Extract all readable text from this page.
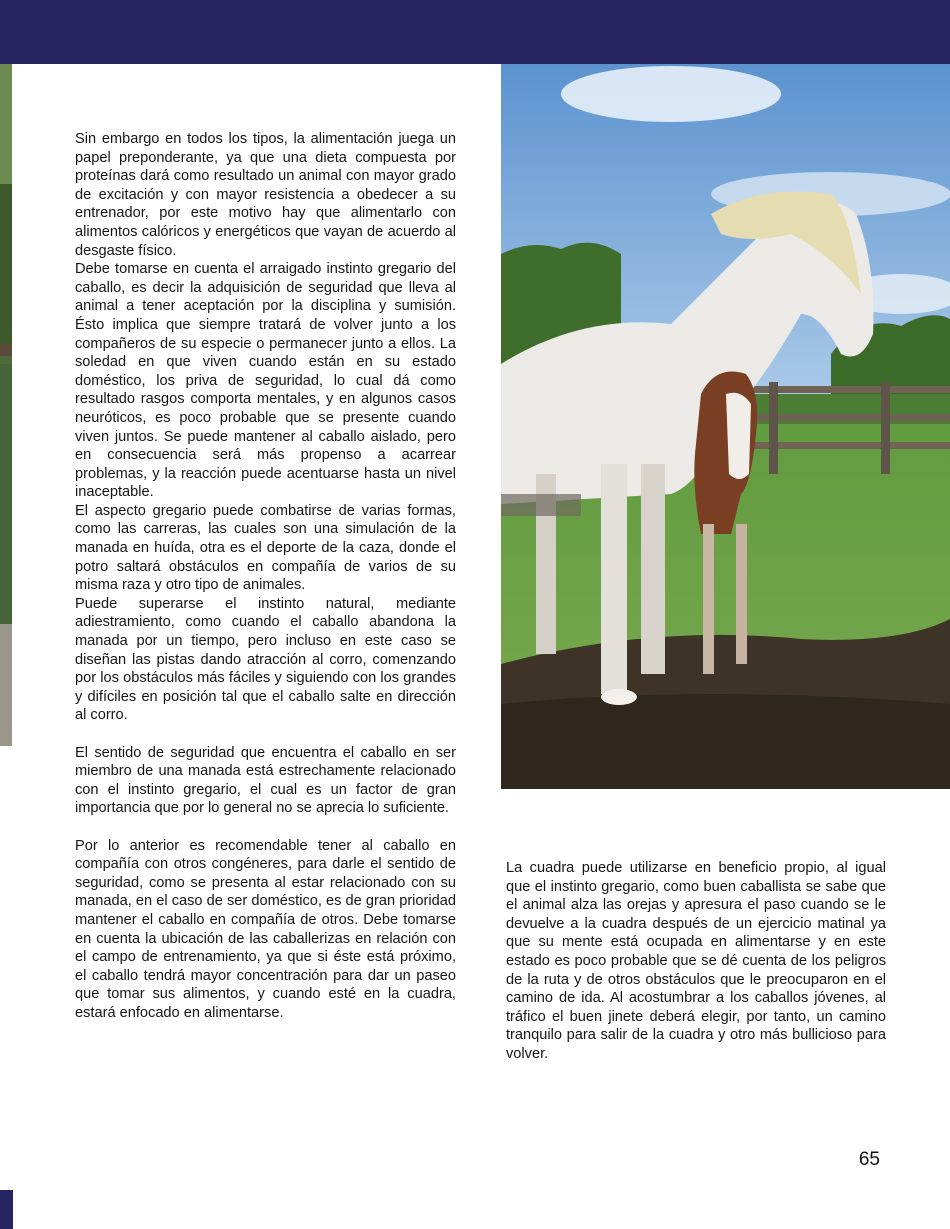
Sin embargo en todos los tipos, la alimentación juega un papel preponderante, ya que una dieta compuesta por proteínas dará como resultado un animal con mayor grado de excitación y con mayor resistencia a obedecer a su entrenador, por este motivo hay que alimentarlo con alimentos calóricos y energéticos que vayan de acuerdo al desgaste físico.

Debe tomarse en cuenta el arraigado instinto gregario del caballo, es decir la adquisición de seguridad que lleva al animal a tener aceptación por la disciplina y sumisión. Ésto implica que siempre tratará de volver junto a los compañeros de su especie o permanecer junto a ellos. La soledad en que viven cuando están en su estado doméstico, los priva de seguridad, lo cual dá como resultado rasgos comporta mentales, y en algunos casos neuróticos, es poco probable que se presente cuando viven juntos. Se puede mantener al caballo aislado, pero en consecuencia será más propenso a acarrear problemas, y la reacción puede acentuarse hasta un nivel inaceptable.

El aspecto gregario puede combatirse de varias formas, como las carreras, las cuales son una simulación de la manada en huída, otra es el deporte de la caza, donde el potro saltará obstáculos en compañía de varios de su misma raza y otro tipo de animales.

Puede superarse el instinto natural, mediante adiestramiento, como cuando el caballo abandona la manada por un tiempo, pero incluso en este caso se diseñan las pistas dando atracción al corro, comenzando por los obstáculos más fáciles y siguiendo con los grandes y difíciles en posición tal que el caballo salte en dirección al corro.

El sentido de seguridad que encuentra el caballo en ser miembro de una manada está estrechamente relacionado con el instinto gregario, el cual es un factor de gran importancia que por lo general no se aprecia lo suficiente.

Por lo anterior es recomendable tener al caballo en compañía con otros congéneres, para darle el sentido de seguridad, como se presenta al estar relacionado con su manada, en el caso de ser doméstico, es de gran prioridad mantener el caballo en compañía de otros. Debe tomarse en cuenta la ubicación de las caballerizas en relación con el campo de entrenamiento, ya que si éste está próximo, el caballo tendrá mayor concentración para dar un paseo que tomar sus alimentos, y cuando esté en la cuadra, estará enfocado en alimentarse.

La cuadra puede utilizarse en beneficio propio, al igual que el instinto gregario, como buen caballista se sabe que el animal alza las orejas y apresura el paso cuando se le devuelve a la cuadra después de un ejercicio matinal ya que su mente está ocupada en alimentarse y en este estado es poco probable que se dé cuenta de los peligros de la ruta y de otros obstáculos que le preocuparon en el camino de ida. Al acostumbrar a los caballos jóvenes, al tráfico el buen jinete deberá elegir, por tanto, un camino tranquilo para salir de la cuadra y otro más bullicioso para volver.

65
